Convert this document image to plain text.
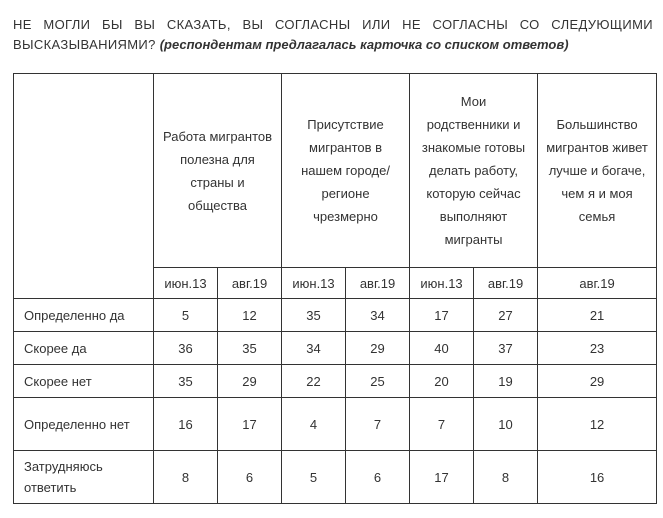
НЕ МОГЛИ БЫ ВЫ СКАЗАТЬ, ВЫ СОГЛАСНЫ ИЛИ НЕ СОГЛАСНЫ СО СЛЕДУЮЩИМИ ВЫСКАЗЫВАНИЯМИ? (респондентам предлагалась карточка со списком ответов)
	Работа мигрантов полезна для страны и общества		Присутствие мигрантов в нашем городе/регионе чрезмерно		Мои родственники и знакомые готовы делать работу, которую сейчас выполняют мигранты		Большинство мигрантов живет лучше и богаче, чем я и моя семья
	июн.13	авг.19	июн.13	авг.19	июн.13	авг.19	авг.19
Определенно да	5	12	35	34	17	27	21
Скорее да	36	35	34	29	40	37	23
Скорее нет	35	29	22	25	20	19	29
Определенно нет	16	17	4	7	7	10	12
Затрудняюсь ответить	8	6	5	6	17	8	16
